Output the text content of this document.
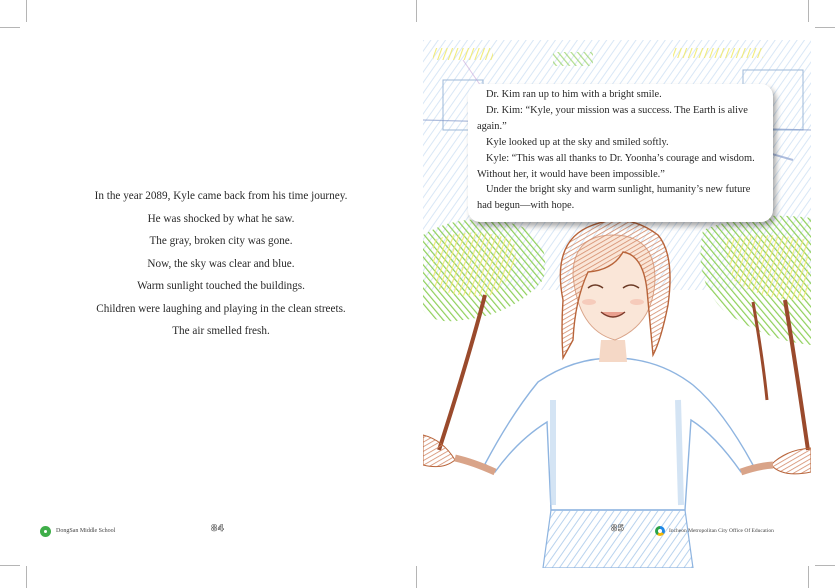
In the year 2089, Kyle came back from his time journey.
He was shocked by what he saw.
The gray, broken city was gone.
Now, the sky was clear and blue.
Warm sunlight touched the buildings.
Children were laughing and playing in the clean streets.
The air smelled fresh.
DongSan Middle School	84

Dr. Kim ran up to him with a bright smile.

Dr. Kim: “Kyle, your mission was a success. The Earth is alive again.”

Kyle looked up at the sky and smiled softly.

Kyle: “This was all thanks to Dr. Yoonha’s courage and wisdom. Without her, it would have been impossible.”

Under the bright sky and warm sunlight, humanity’s new future had begun—with hope.

85	Incheon Metropolitan City Office Of Education
